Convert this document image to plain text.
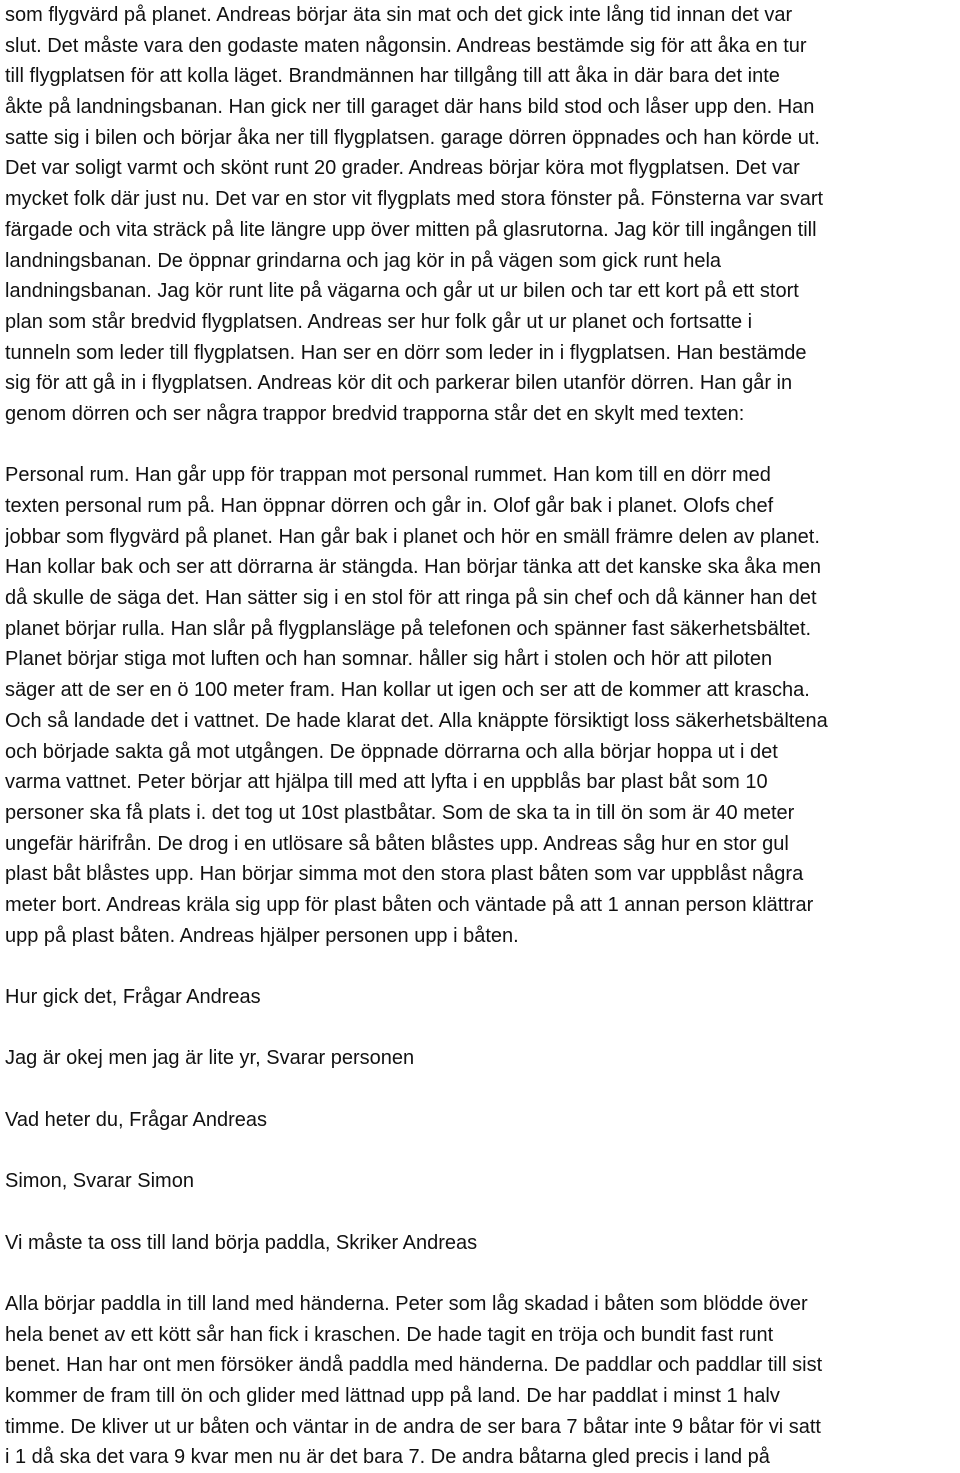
som flygvärd på planet. Andreas börjar äta sin mat och det gick inte lång tid innan det var
slut. Det måste vara den godaste maten någonsin. Andreas bestämde sig för att åka en tur
till flygplatsen för att kolla läget. Brandmännen har tillgång till att åka in där bara det inte
åkte på landningsbanan. Han gick ner till garaget där hans bild stod och låser upp den. Han
satte sig i bilen och börjar åka ner till flygplatsen. garage dörren öppnades och han körde ut.
Det var soligt varmt och skönt runt 20 grader. Andreas börjar köra mot flygplatsen. Det var
mycket folk där just nu. Det var en stor vit flygplats med stora fönster på. Fönsterna var svart
färgade och vita sträck på lite längre upp över mitten på glasrutorna. Jag kör till ingången till
landningsbanan. De öppnar grindarna och jag kör in på vägen som gick runt hela
landningsbanan. Jag kör runt lite på vägarna och går ut ur bilen och tar ett kort på ett stort
plan som står bredvid flygplatsen. Andreas ser hur folk går ut ur planet och fortsatte i
tunneln som leder till flygplatsen. Han ser en dörr som leder in i flygplatsen. Han bestämde
sig för att gå in i flygplatsen. Andreas kör dit och parkerar bilen utanför dörren. Han går in
genom dörren och ser några trappor bredvid trapporna står det en skylt med texten:
Personal rum. Han går upp för trappan mot personal rummet. Han kom till en dörr med
texten personal rum på. Han öppnar dörren och går in. Olof går bak i planet. Olofs chef
jobbar som flygvärd på planet. Han går bak i planet och hör en smäll främre delen av planet.
Han kollar bak och ser att dörrarna är stängda. Han börjar tänka att det kanske ska åka men
då skulle de säga det. Han sätter sig i en stol för att ringa på sin chef och då känner han det
planet börjar rulla. Han slår på flygplansläge på telefonen och spänner fast säkerhetsbältet.
Planet börjar stiga mot luften och han somnar. håller sig hårt i stolen och hör att piloten
säger att de ser en ö 100 meter fram. Han kollar ut igen och ser att de kommer att krascha.
Och så landade det i vattnet. De hade klarat det. Alla knäppte försiktigt loss säkerhetsbältena
och började sakta gå mot utgången. De öppnade dörrarna och alla börjar hoppa ut i det
varma vattnet. Peter börjar att hjälpa till med att lyfta i en uppblås bar plast båt som 10
personer ska få plats i. det tog ut 10st plastbåtar. Som de ska ta in till ön som är 40 meter
ungefär härifrån. De drog i en utlösare så båten blåstes upp. Andreas såg hur en stor gul
plast båt blåstes upp. Han börjar simma mot den stora plast båten som var uppblåst några
meter bort. Andreas kräla sig upp för plast båten och väntade på att 1 annan person klättrar
upp på plast båten. Andreas hjälper personen upp i båten.
Hur gick det, Frågar Andreas
Jag är okej men jag är lite yr, Svarar personen
Vad heter du, Frågar Andreas
Simon, Svarar Simon
Vi måste ta oss till land börja paddla, Skriker Andreas
Alla börjar paddla in till land med händerna. Peter som låg skadad i båten som blödde över
hela benet av ett kött sår han fick i kraschen. De hade tagit en tröja och bundit fast runt
benet. Han har ont men försöker ändå paddla med händerna. De paddlar och paddlar till sist
kommer de fram till ön och glider med lättnad upp på land. De har paddlat i minst 1 halv
timme. De kliver ut ur båten och väntar in de andra de ser bara 7 båtar inte 9 båtar för vi satt
i 1 då ska det vara 9 kvar men nu är det bara 7. De andra båtarna gled precis i land på
